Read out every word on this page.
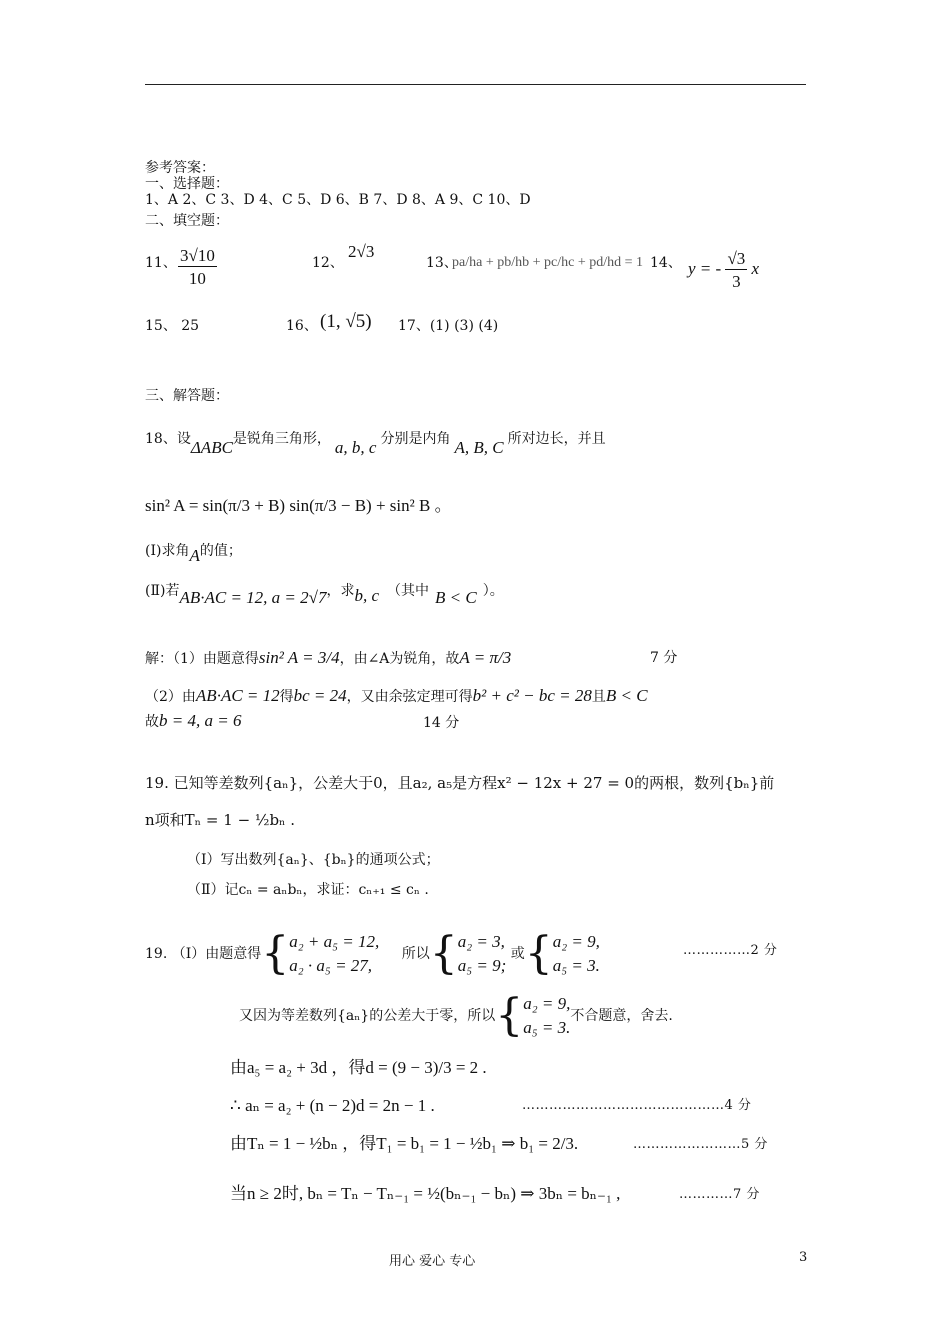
参考答案：
一、选择题：
1、A 2、C 3、D 4、C 5、D 6、B 7、D 8、A 9、C 10、D
二、填空题：
11、 $\frac{3√10}{10}$	12、
2√3
13、
pa/ha + pb/hb + pc/hc + pd/hd = 1 14、 y = - $\frac{√3}{3}$ x
15、 25	16、 (1, √5) 17、(1) (3) (4)
三、解答题：
18、设ΔABC是锐角三角形， a, b, c 分别是内角 A, B, C 所对边长，并且
sin² A = sin(π/3 + B) sin(π/3 − B) + sin² B 。
(Ⅰ)求角A的值；
(Ⅱ)若AB·AC = 12, a = 2√7，求b, c （其中 B < C ）。
解：（1）由题意得sin² A = 3/4，由∠A为锐角，故A = π/3	7 分
（2）由AB·AC = 12得bc = 24，又由余弦定理可得b² + c² − bc = 28且B < C
故b = 4, a = 6	14 分
19. 已知等差数列{aₙ}，公差大于0，且a₂, a₅是方程x² − 12x + 27 = 0的两根，数列{bₙ}前
n项和Tₙ = 1 − ½bₙ .
（Ⅰ）写出数列{aₙ}、{bₙ}的通项公式；
（Ⅱ）记cₙ = aₙbₙ，求证：cₙ₊₁ ≤ cₙ .
19. （Ⅰ）由题意得{a₂ + a₅ = 12,
a₂ · a₅ = 27, 所以{a₂ = 3,
a₅ = 9; 或{a₂ = 9,
a₅ = 3.
……………2 分
又因为等差数列{aₙ}的公差大于零，所以{a₂ = 9,
a₅ = 3.不合题意，舍去.
由a₅ = a₂ + 3d ，得d = (9 − 3)/3 = 2 .
∴ aₙ = a₂ + (n − 2)d = 2n − 1 .	………………………………………4 分
由Tₙ = 1 − ½bₙ ，得T₁ = b₁ = 1 − ½b₁ ⇒ b₁ = 2/3.	……………………5 分
当n ≥ 2时, bₙ = Tₙ − Tₙ₋₁ = ½(bₙ₋₁ − bₙ) ⇒ 3bₙ = bₙ₋₁ ,	…………7 分
用心 爱心 专心	3
